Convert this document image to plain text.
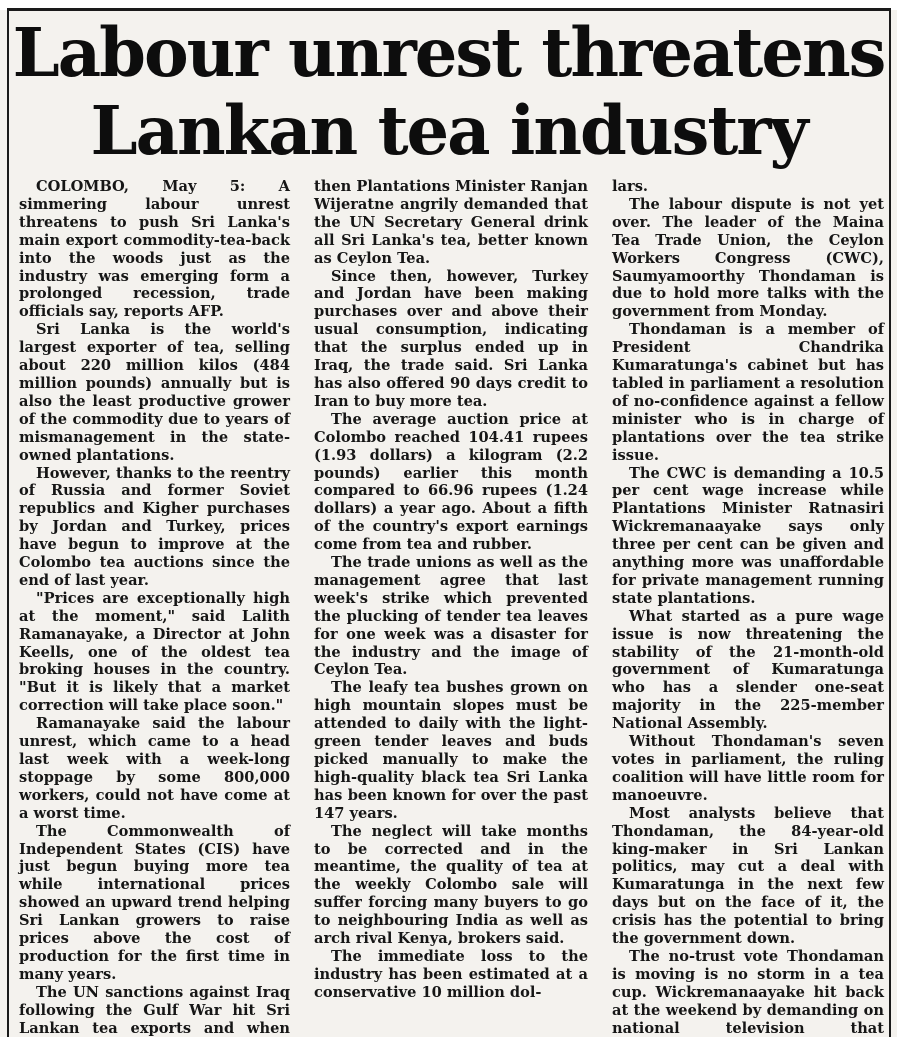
Labour unrest threatens
Lankan tea industry

COLOMBO, May 5: A simmering labour unrest threatens to push Sri Lanka's main export commodity-tea-back into the woods just as the industry was emerging form a prolonged recession, trade officials say, reports AFP.

Sri Lanka is the world's largest exporter of tea, selling about 220 million kilos (484 million pounds) annually but is also the least productive grower of the commodity due to years of mismanagement in the state-owned plantations.

However, thanks to the reentry of Russia and former Soviet republics and Kigher purchases by Jordan and Turkey, prices have begun to improve at the Colombo tea auctions since the end of last year.

"Prices are exceptionally high at the moment," said Lalith Ramanayake, a Director at John Keells, one of the oldest tea broking houses in the country. "But it is likely that a market correction will take place soon."

Ramanayake said the labour unrest, which came to a head last week with a week-long stoppage by some 800,000 workers, could not have come at a worst time.

The Commonwealth of Independent States (CIS) have just begun buying more tea while international prices showed an upward trend helping Sri Lankan growers to raise prices above the cost of production for the first time in many years.

The UN sanctions against Iraq following the Gulf War hit Sri Lankan tea exports and when

then Plantations Minister Ranjan Wijeratne angrily demanded that the UN Secretary General drink all Sri Lanka's tea, better known as Ceylon Tea.

Since then, however, Turkey and Jordan have been making purchases over and above their usual consumption, indicating that the surplus ended up in Iraq, the trade said. Sri Lanka has also offered 90 days credit to Iran to buy more tea.

The average auction price at Colombo reached 104.41 rupees (1.93 dollars) a kilogram (2.2 pounds) earlier this month compared to 66.96 rupees (1.24 dollars) a year ago. About a fifth of the country's export earnings come from tea and rubber.

The trade unions as well as the management agree that last week's strike which prevented the plucking of tender tea leaves for one week was a disaster for the industry and the image of Ceylon Tea.

The leafy tea bushes grown on high mountain slopes must be attended to daily with the light-green tender leaves and buds picked manually to make the high-quality black tea Sri Lanka has been known for over the past 147 years.

The neglect will take months to be corrected and in the meantime, the quality of tea at the weekly Colombo sale will suffer forcing many buyers to go to neighbouring India as well as arch rival Kenya, brokers said.

The immediate loss to the industry has been estimated at a conservative 10 million dol-

lars.

The labour dispute is not yet over. The leader of the Maina Tea Trade Union, the Ceylon Workers Congress (CWC), Saumyamoorthy Thondaman is due to hold more talks with the government from Monday.

Thondaman is a member of President Chandrika Kumaratunga's cabinet but has tabled in parliament a resolution of no-confidence against a fellow minister who is in charge of plantations over the tea strike issue.

The CWC is demanding a 10.5 per cent wage increase while Plantations Minister Ratnasiri Wickremanaayake says only three per cent can be given and anything more was unaffordable for private management running state plantations.

What started as a pure wage issue is now threatening the stability of the 21-month-old government of Kumaratunga who has a slender one-seat majority in the 225-member National Assembly.

Without Thondaman's seven votes in parliament, the ruling coalition will have little room for manoeuvre.

Most analysts believe that Thondaman, the 84-year-old king-maker in Sri Lankan politics, may cut a deal with Kumaratunga in the next few days but on the face of it, the crisis has the potential to bring the government down.

The no-trust vote Thondaman is moving is no storm in a tea cup. Wickremanaayake hit back at the weekend by demanding on national television that
